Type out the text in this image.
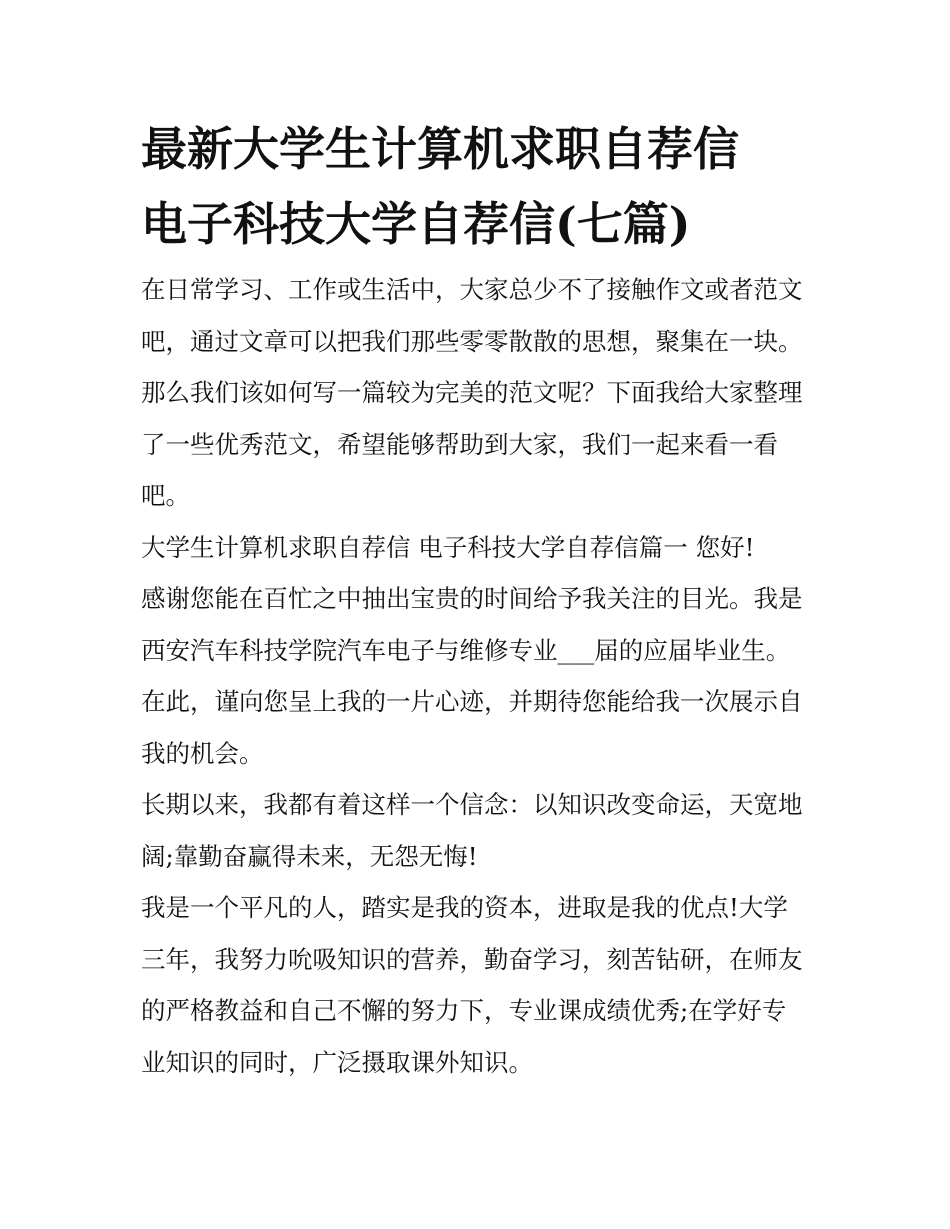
最新大学生计算机求职自荐信
电子科技大学自荐信(七篇)

在日常学习、工作或生活中，大家总少不了接触作文或者范文
吧，通过文章可以把我们那些零零散散的思想，聚集在一块。
那么我们该如何写一篇较为完美的范文呢？下面我给大家整理
了一些优秀范文，希望能够帮助到大家，我们一起来看一看
吧。

大学生计算机求职自荐信 电子科技大学自荐信篇一 您好!

感谢您能在百忙之中抽出宝贵的时间给予我关注的目光。我是
西安汽车科技学院汽车电子与维修专业___届的应届毕业生。
在此，谨向您呈上我的一片心迹，并期待您能给我一次展示自
我的机会。

长期以来，我都有着这样一个信念：以知识改变命运，天宽地
阔;靠勤奋赢得未来，无怨无悔!

我是一个平凡的人，踏实是我的资本，进取是我的优点!大学
三年，我努力吮吸知识的营养，勤奋学习，刻苦钻研，在师友
的严格教益和自己不懈的努力下，专业课成绩优秀;在学好专
业知识的同时，广泛摄取课外知识。
